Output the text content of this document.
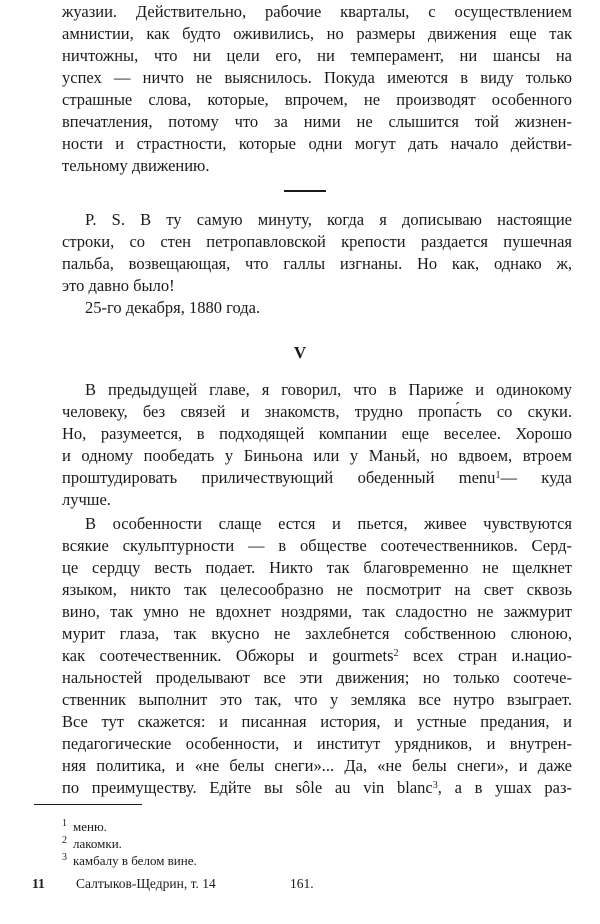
жуазии. Действительно, рабочие кварталы, с осуществлением
амнистии, как будто оживились, но размеры движения еще так
ничтожны, что ни цели его, ни темперамент, ни шансы на
успех — ничто не выяснилось. Покуда имеются в виду только
страшные слова, которые, впрочем, не производят особенного
впечатления, потому что за ними не слышится той жизнен-
ности и страстности, которые одни могут дать начало действи-
тельному движению.
P. S. В ту самую минуту, когда я дописываю настоящие
строки, со стен петропавловской крепости раздается пушечная
пальба, возвещающая, что галлы изгнаны. Но как, однако ж,
это давно было!
25-го декабря, 1880 года.
V
В предыдущей главе, я говорил, что в Париже и одинокому
человеку, без связей и знакомств, трудно пропа́сть со скуки.
Но, разумеется, в подходящей компании еще веселее. Хорошо
и одному пообедать у Биньона или у Маньй, но вдвоем, втроем
проштудировать приличествующий обеденный menu$^1$— куда
лучше.
В особенности слаще естся и пьется, живее чувствуются
всякие скульптурности — в обществе соотечественников. Серд-
це сердцу весть подает. Никто так благовременно не щелкнет
языком, никто так целесообразно не посмотрит на свет сквозь
вино, так умно не вдохнет ноздрями, так сладостно не зажмурит
мурит глаза, так вкусно не захлебнется собственною слюною,
как соотечественник. Обжоры и gourmets$^2$ всех стран и.нацио-
нальностей проделывают все эти движения; но только соотече-
ственник выполнит это так, что у земляка все нутро взыграет.
Все тут скажется: и писанная история, и устные предания, и
педагогические особенности, и институт урядников, и внутрен-
няя политика, и «не белы снеги»... Да, «не белы снеги», и даже
по преимуществу. Едйте вы sôle au vin blanc$^3$, а в ушах раз-
$^1$ меню.
$^2$ лакомки.
$^3$ камбалу в белом вине.
11 Салтыков-Щедрин, т. 14	161.
